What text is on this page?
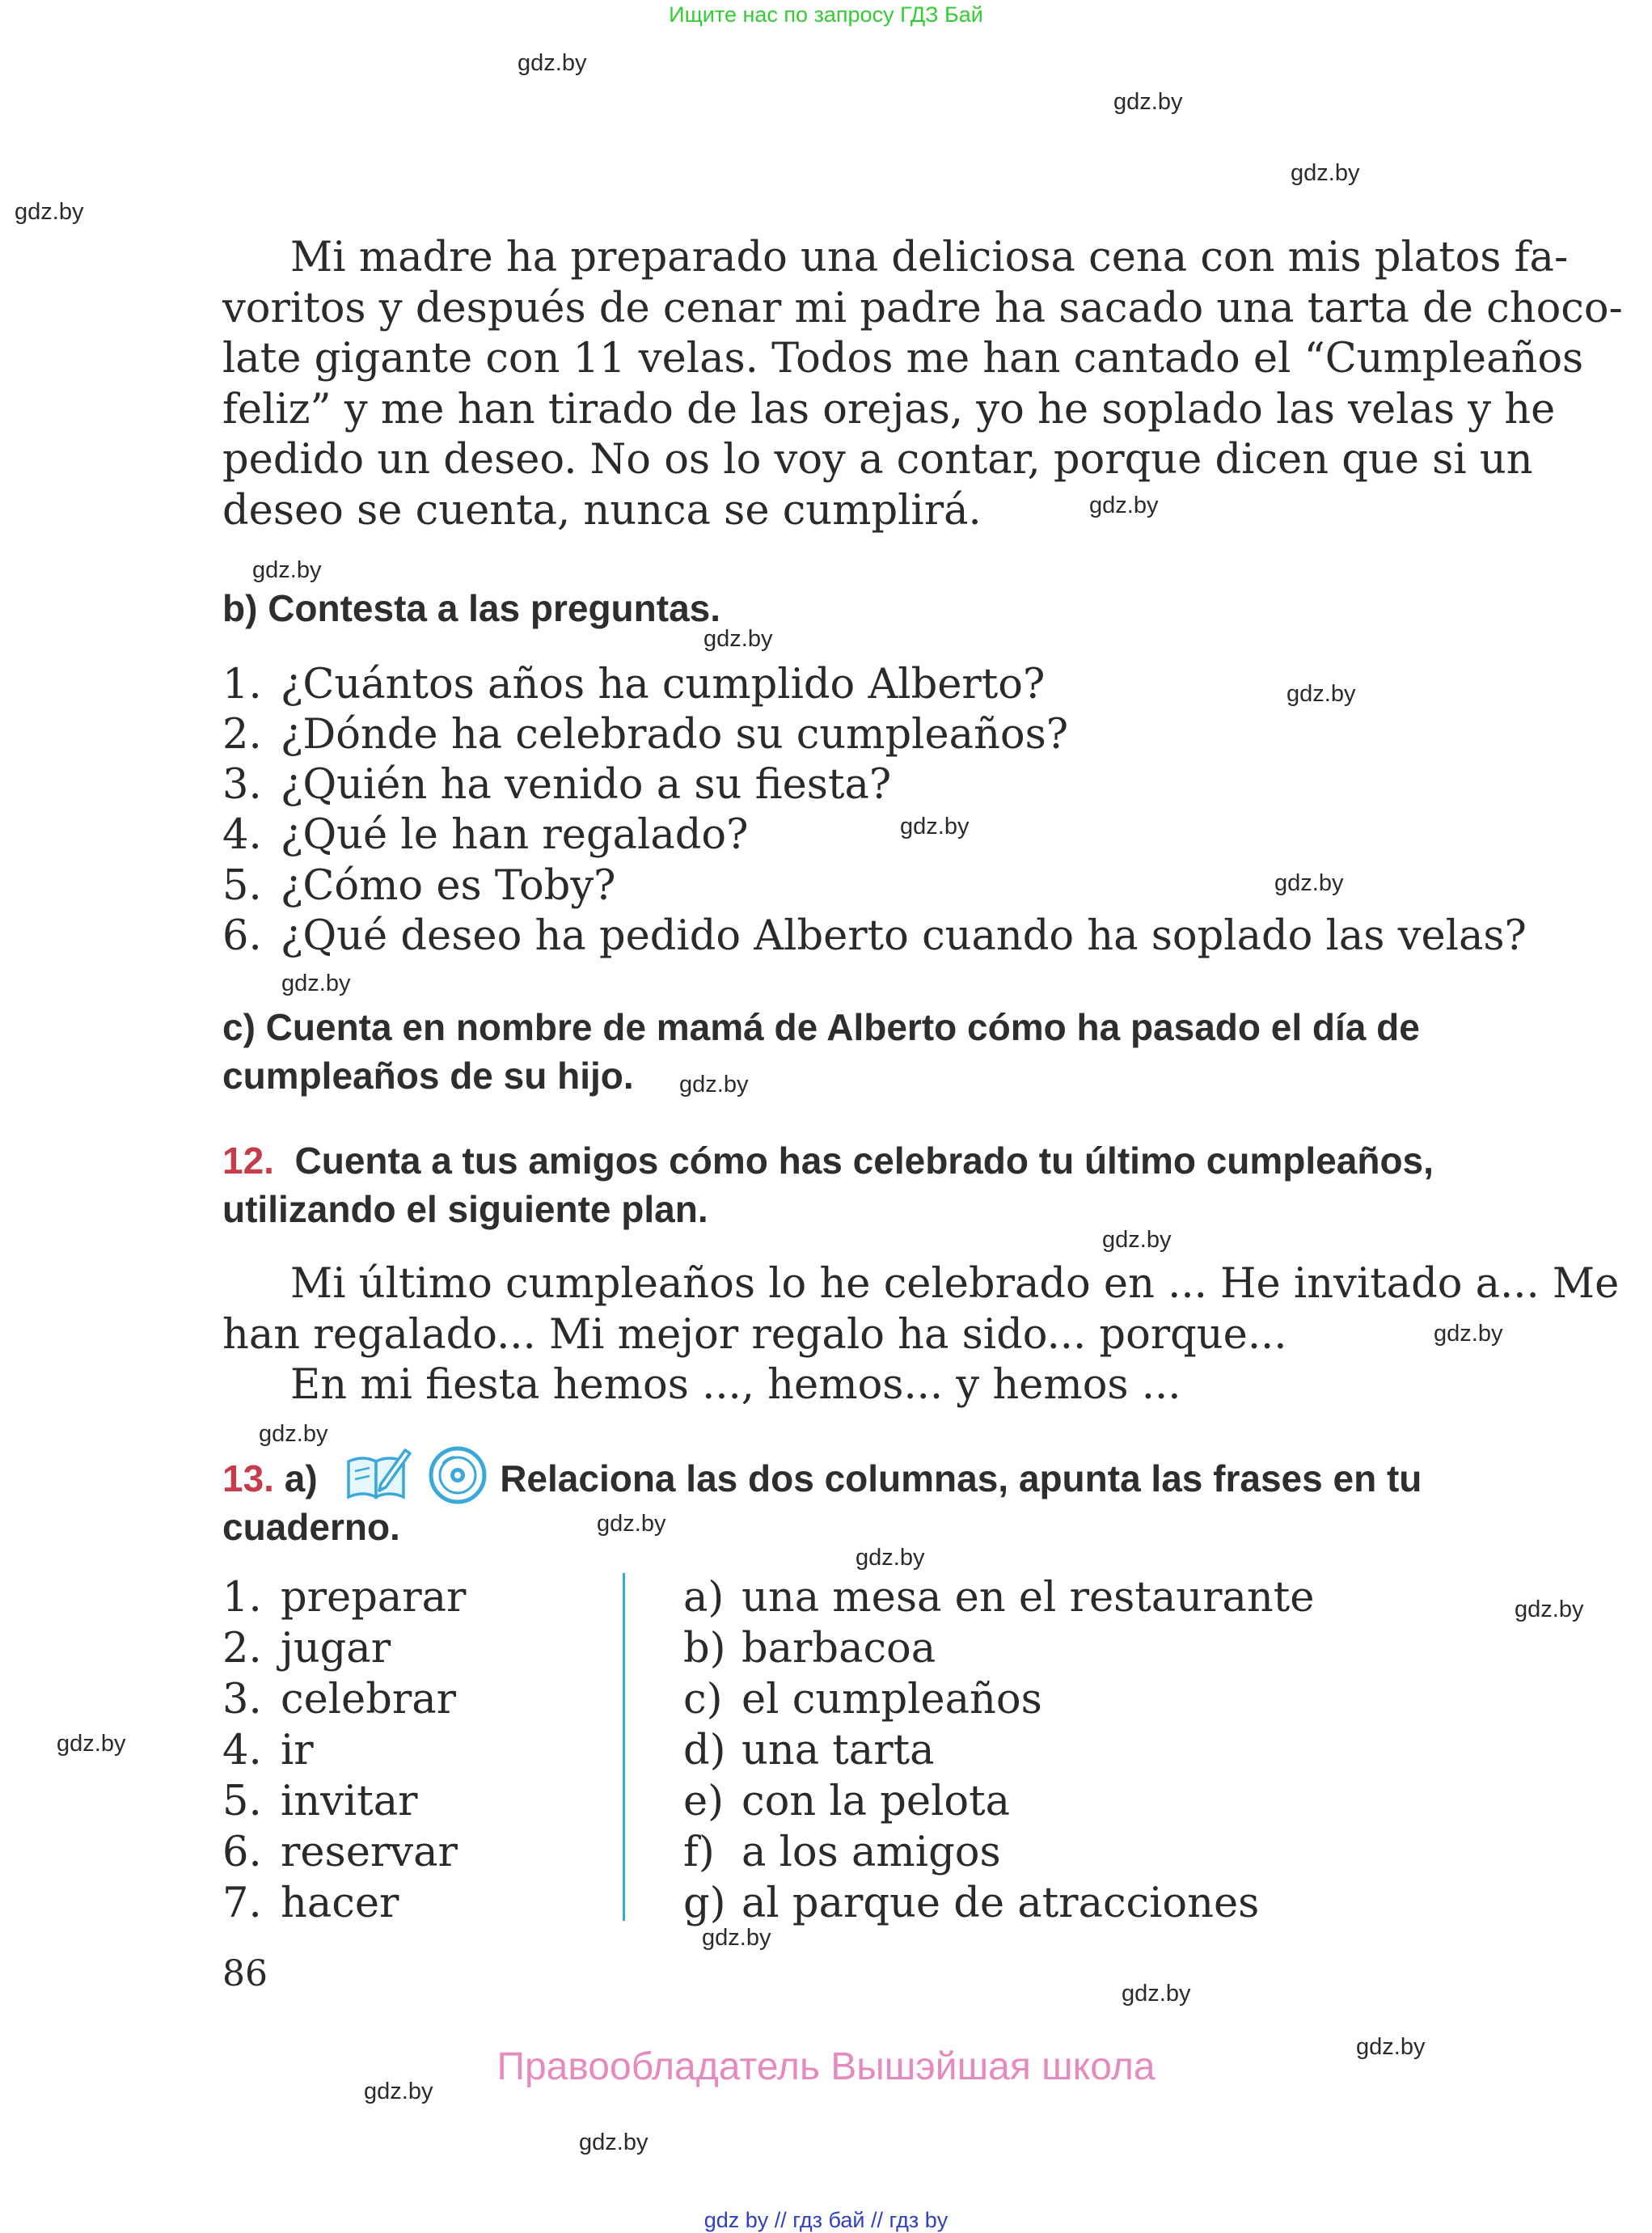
Ищите нас по запросу ГДЗ Бай
gdz.by
gdz.by
gdz.by
gdz.by
gdz.by
gdz.by
gdz.by
gdz.by
gdz.by
gdz.by
gdz.by
gdz.by
gdz.by
gdz.by
gdz.by
gdz.by
gdz.by
gdz.by
gdz.by
gdz.by
gdz.by
gdz.by
gdz.by
gdz.by
Mi madre ha preparado una deliciosa cena con mis platos fa-
voritos y después de cenar mi padre ha sacado una tarta de choco-
late gigante con 11 velas. Todos me han cantado el “Cumpleaños
feliz” y me han tirado de las orejas, yo he soplado las velas y he
pedido un deseo. No os lo voy a contar, porque dicen que si un
deseo se cuenta, nunca se cumplirá.
b) Contesta a las preguntas.
1. ¿Cuántos años ha cumplido Alberto?
2. ¿Dónde ha celebrado su cumpleaños?
3. ¿Quién ha venido a su fiesta?
4. ¿Qué le han regalado?
5. ¿Cómo es Toby?
6. ¿Qué deseo ha pedido Alberto cuando ha soplado las velas?
c) Cuenta en nombre de mamá de Alberto cómo ha pasado el día de
cumpleaños de su hijo.
12. Cuenta a tus amigos cómo has celebrado tu último cumpleaños,
utilizando el siguiente plan.
Mi último cumpleaños lo he celebrado en ... He invitado a... Me
han regalado... Mi mejor regalo ha sido... porque...
En mi fiesta hemos ..., hemos... y hemos ...
13. a)	Relaciona las dos columnas, apunta las frases en tu
cuaderno.
1. preparar
2. jugar
3. celebrar
4. ir
5. invitar
6. reservar
7. hacer
a) una mesa en el restaurante
b) barbacoa
c) el cumpleaños
d) una tarta
e) con la pelota
f) a los amigos
g) al parque de atracciones
86
Правообладатель Вышэйшая школа
gdz by // гдз бай // гдз by
